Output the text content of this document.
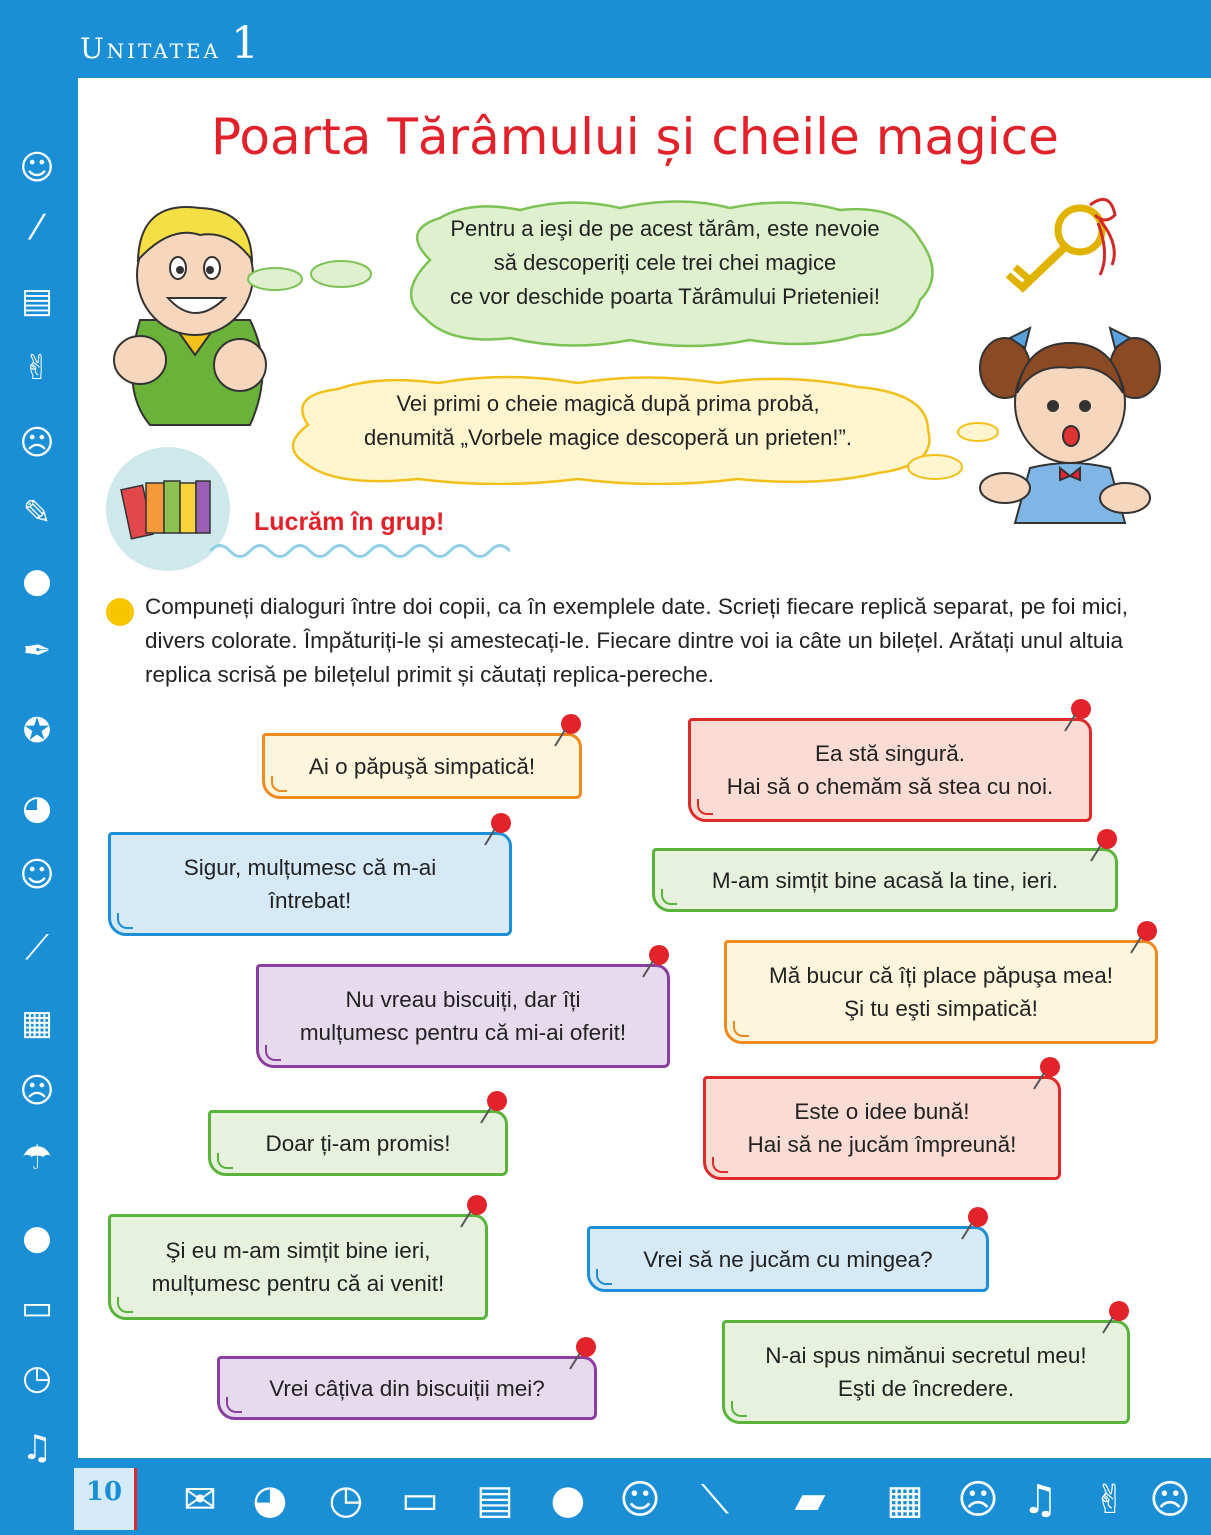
Unitatea 1
☺
⁄
▤
✌
☹
✎
●
✒
✪
◕
☺
⟋
▦
☹
☂
●
▭
◷
♫
Poarta Tărâmului și cheile magice
Pentru a ieşi de pe acest tărâm, este nevoie
să descoperiți cele trei chei magice
ce vor deschide poarta Tărâmului Prieteniei!
Vei primi o cheie magică după prima probă,
denumită „Vorbele magice descoperă un prieten!”.
Lucrăm în grup!
Compuneți dialoguri între doi copii, ca în exemplele date. Scrieți fiecare replică separat, pe foi mici, divers colorate. Împăturiți-le și amestecați-le. Fiecare dintre voi ia câte un bilețel. Arătați unul altuia replica scrisă pe bilețelul primit și căutați replica-pereche.
Ai o păpuşă simpatică!	Ea stă singură.
Hai să o chemăm să stea cu noi.
Sigur, mulțumesc că m-ai
întrebat!
M-am simțit bine acasă la tine, ieri.
Nu vreau biscuiți, dar îți
mulțumesc pentru că mi-ai oferit!
Mă bucur că îți place păpuşa mea!
Şi tu eşti simpatică!
Doar ți-am promis!
Este o idee bună!
Hai să ne jucăm împreună!
Şi eu m-am simțit bine ieri,
mulțumesc pentru că ai venit!
Vrei să ne jucăm cu mingea?
Vrei câțiva din biscuiții mei?
N-ai spus nimănui secretul meu!
Eşti de încredere.
10	✉ ◕	◷ ▭ ▤ ● ☺	⟍	▰	▦ ☹ ♫ ✌ ☹
